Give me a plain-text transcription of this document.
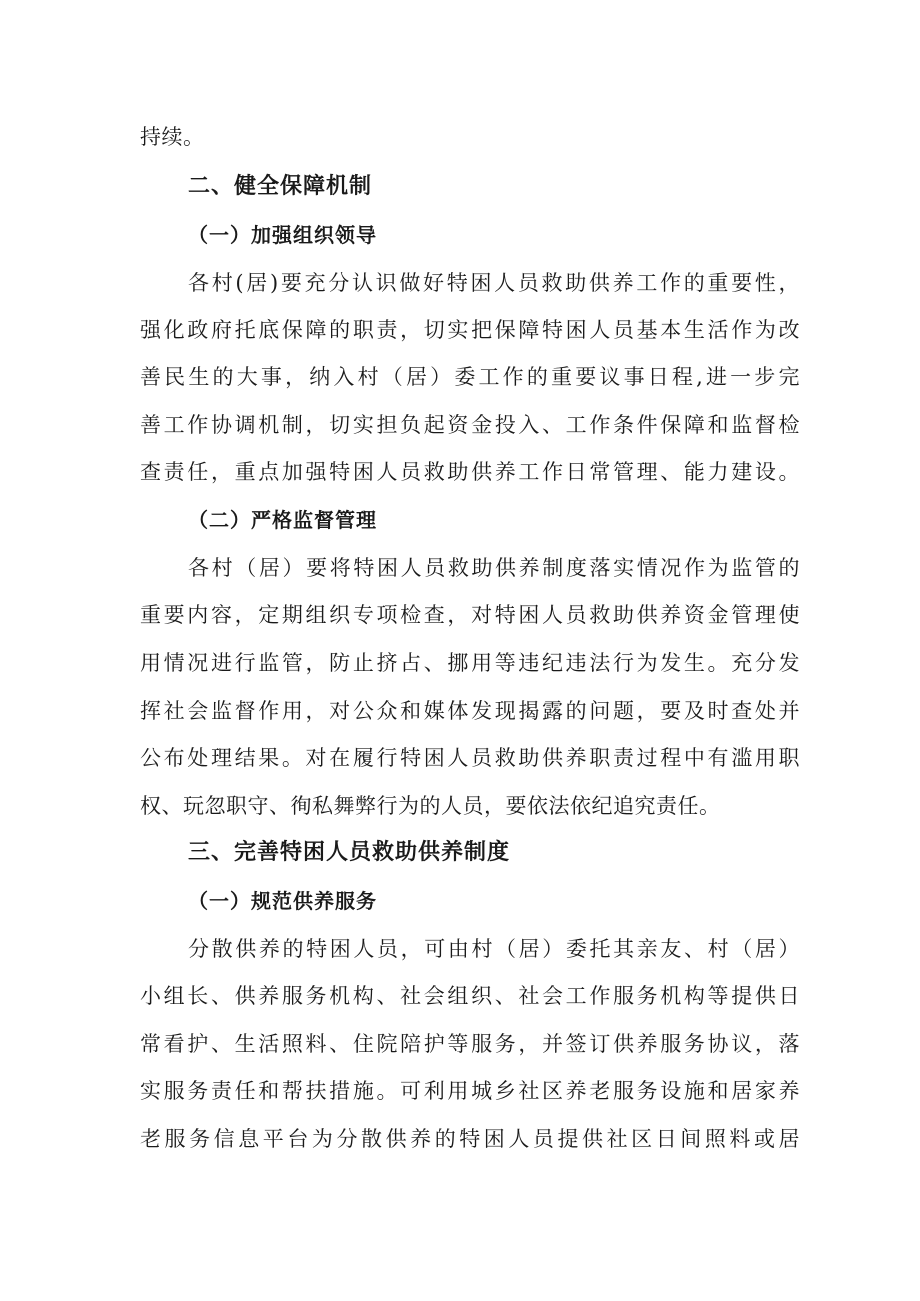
持续。

二、健全保障机制
（一）加强组织领导

各村(居)要充分认识做好特困人员救助供养工作的重要性，

强化政府托底保障的职责，切实把保障特困人员基本生活作为改

善民生的大事，纳入村（居）委工作的重要议事日程,进一步完

善工作协调机制，切实担负起资金投入、工作条件保障和监督检

查责任，重点加强特困人员救助供养工作日常管理、能力建设。

（二）严格监督管理

各村（居）要将特困人员救助供养制度落实情况作为监管的

重要内容，定期组织专项检查，对特困人员救助供养资金管理使

用情况进行监管，防止挤占、挪用等违纪违法行为发生。充分发

挥社会监督作用，对公众和媒体发现揭露的问题，要及时查处并

公布处理结果。对在履行特困人员救助供养职责过程中有滥用职

权、玩忽职守、徇私舞弊行为的人员，要依法依纪追究责任。

三、完善特困人员救助供养制度
（一）规范供养服务

分散供养的特困人员，可由村（居）委托其亲友、村（居）

小组长、供养服务机构、社会组织、社会工作服务机构等提供日

常看护、生活照料、住院陪护等服务，并签订供养服务协议，落

实服务责任和帮扶措施。可利用城乡社区养老服务设施和居家养

老服务信息平台为分散供养的特困人员提供社区日间照料或居
